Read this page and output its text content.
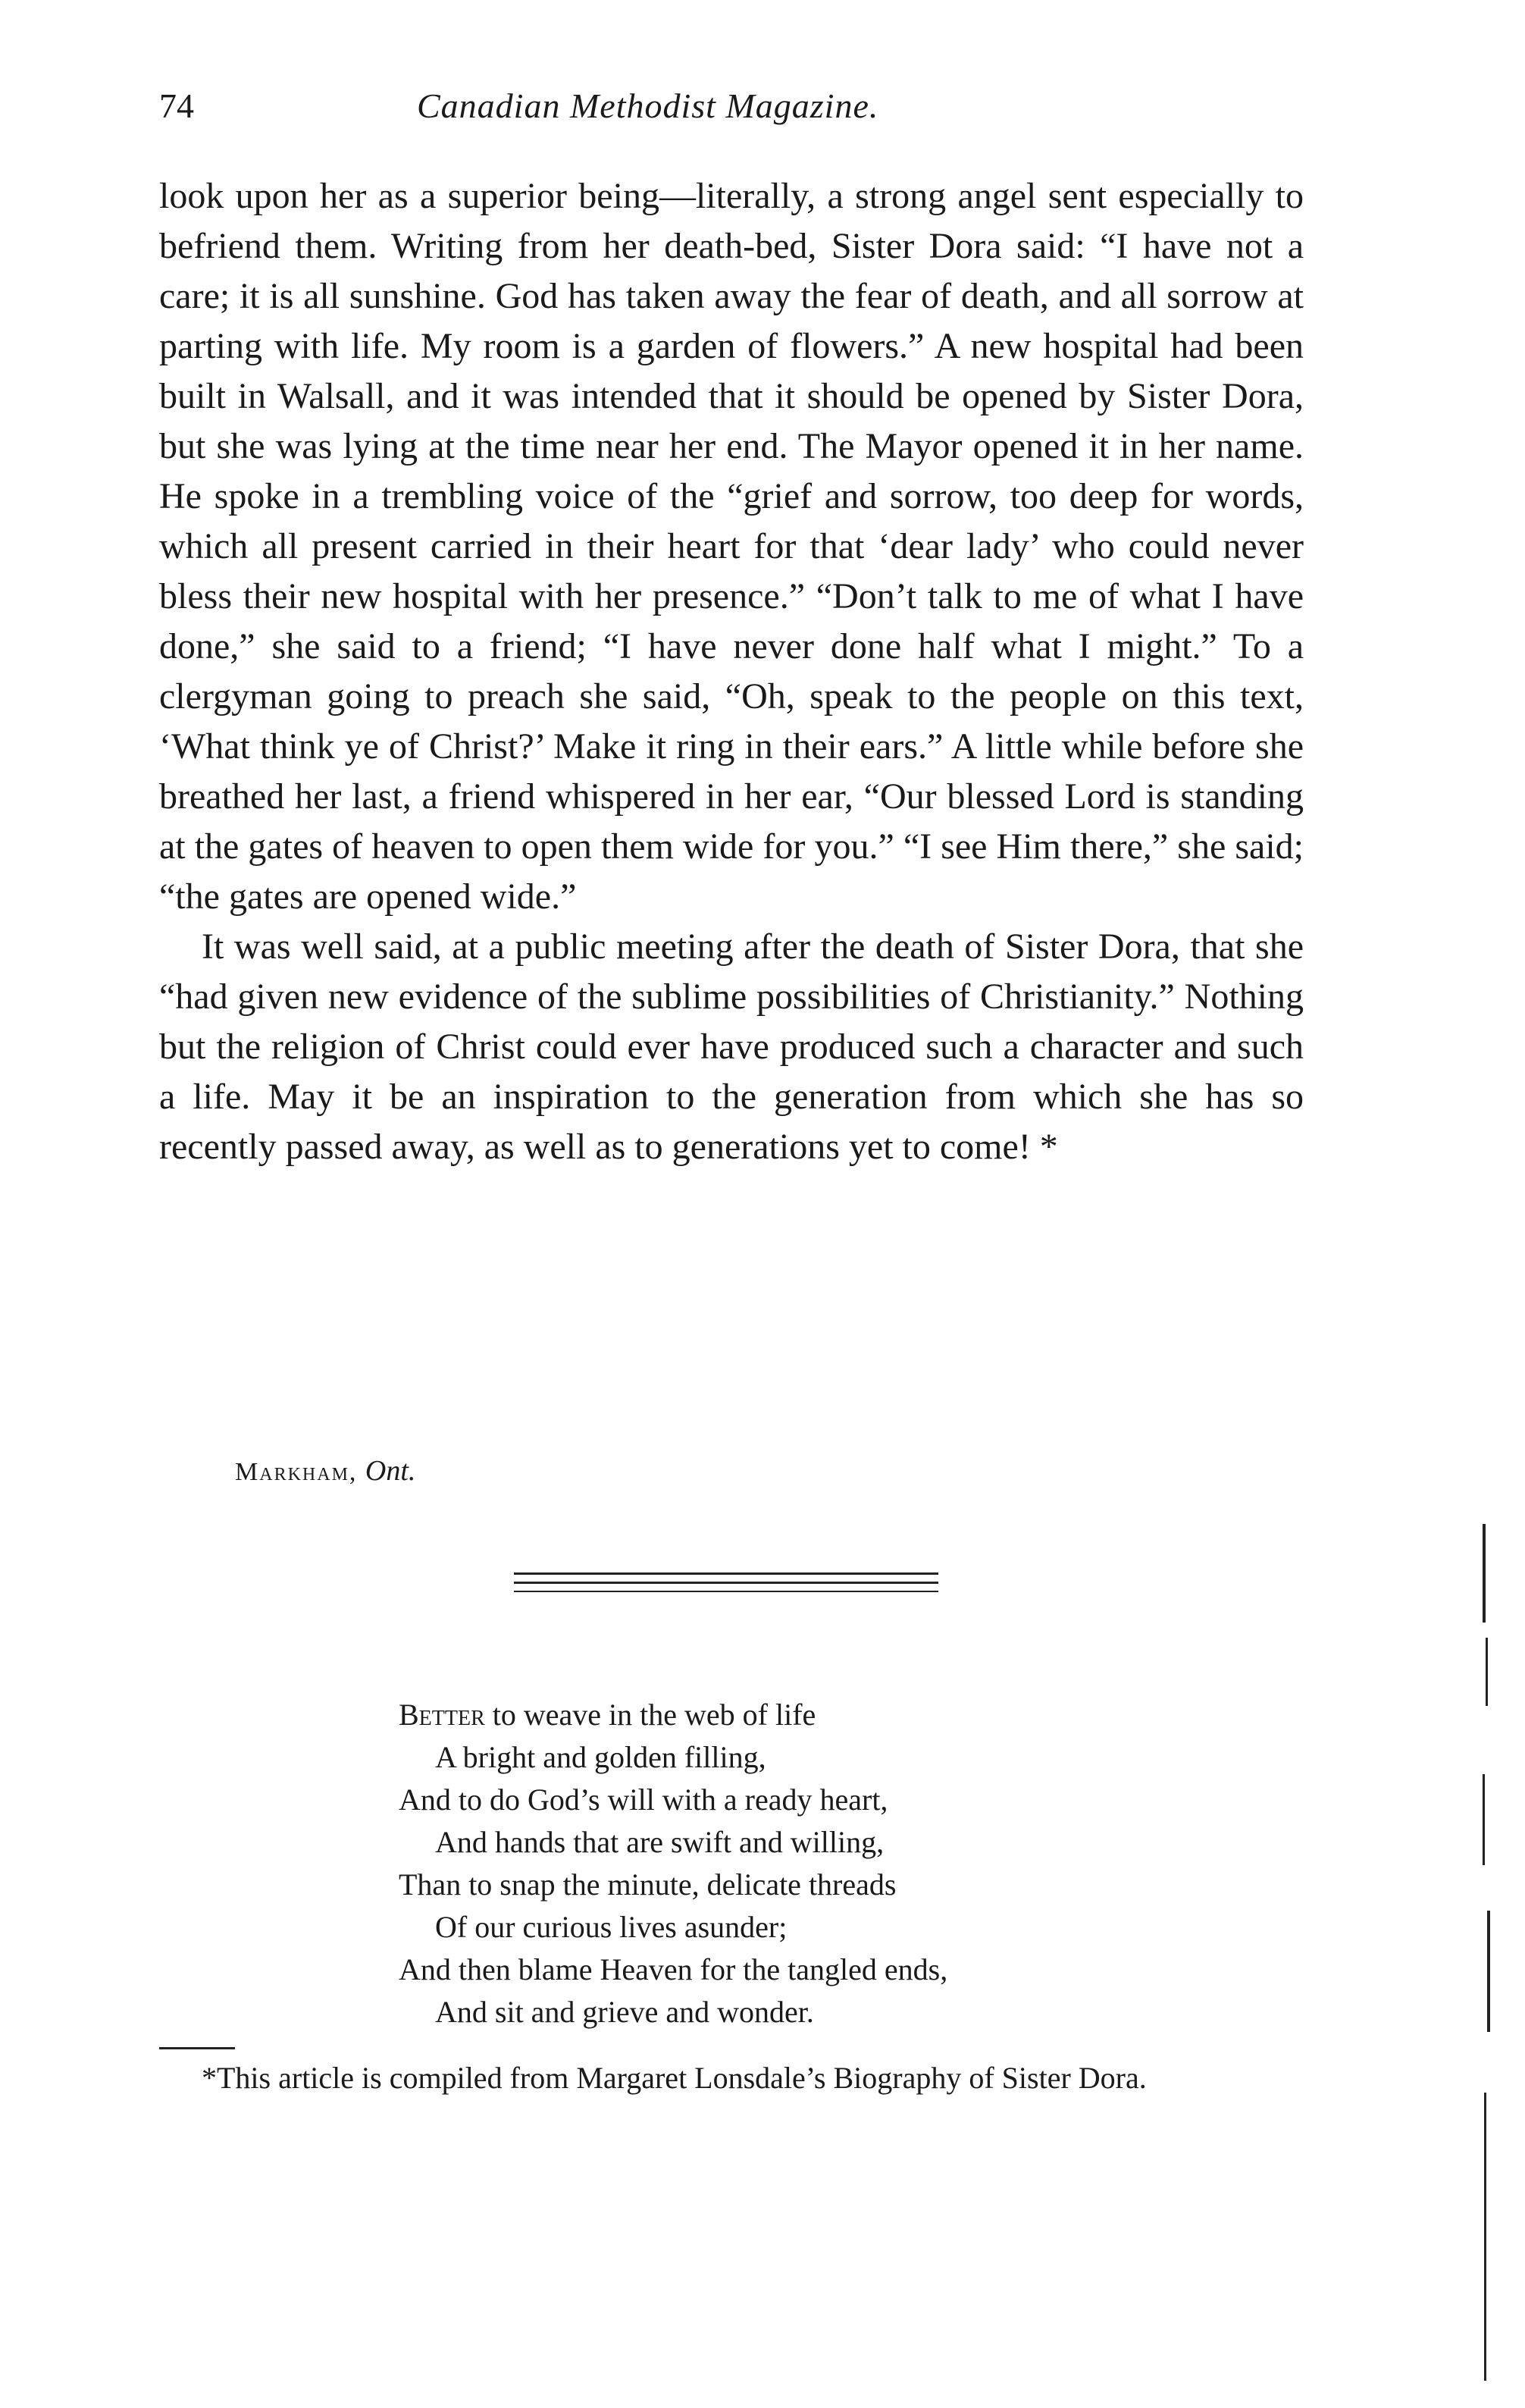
74	Canadian Methodist Magazine.

look upon her as a superior being—literally, a strong angel sent especially to befriend them. Writing from her death-bed, Sister Dora said: “I have not a care; it is all sunshine. God has taken away the fear of death, and all sorrow at parting with life. My room is a garden of flowers.” A new hospital had been built in Walsall, and it was intended that it should be opened by Sister Dora, but she was lying at the time near her end. The Mayor opened it in her name. He spoke in a trembling voice of the “grief and sorrow, too deep for words, which all present carried in their heart for that ‘dear lady’ who could never bless their new hospital with her presence.” “Don’t talk to me of what I have done,” she said to a friend; “I have never done half what I might.” To a clergyman going to preach she said, “Oh, speak to the people on this text, ‘What think ye of Christ?’ Make it ring in their ears.” A little while before she breathed her last, a friend whispered in her ear, “Our blessed Lord is standing at the gates of heaven to open them wide for you.” “I see Him there,” she said; “the gates are opened wide.”

It was well said, at a public meeting after the death of Sister Dora, that she “had given new evidence of the sublime possibilities of Christianity.” Nothing but the religion of Christ could ever have produced such a character and such a life. May it be an inspiration to the generation from which she has so recently passed away, as well as to generations yet to come! *

Markham, Ont.
Better to weave in the web of life
A bright and golden filling,
And to do God’s will with a ready heart,
And hands that are swift and willing,
Than to snap the minute, delicate threads
Of our curious lives asunder;
And then blame Heaven for the tangled ends,
And sit and grieve and wonder.
*This article is compiled from Margaret Lonsdale’s Biography of Sister Dora.
